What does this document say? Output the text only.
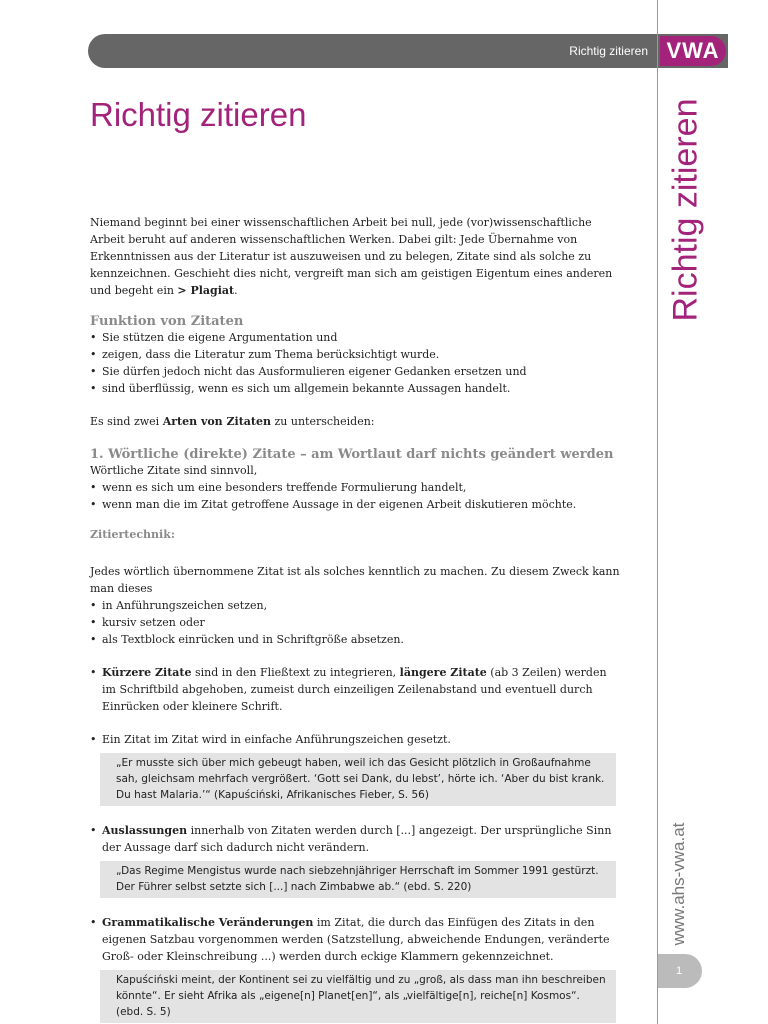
Richtig zitieren VWA
Richtig zitieren
www.ahs-vwa.at
1
Richtig zitieren

Niemand beginnt bei einer wissenschaftlichen Arbeit bei null, jede (vor)wissenschaftliche Arbeit beruht auf anderen wissenschaftlichen Werken. Dabei gilt: Jede Übernahme von Erkenntnissen aus der Literatur ist auszuweisen und zu belegen, Zitate sind als solche zu kennzeichnen. Geschieht dies nicht, vergreift man sich am geistigen Eigentum eines anderen und begeht ein > Plagiat.

Funktion von Zitaten
• Sie stützen die eigene Argumentation und
• zeigen, dass die Literatur zum Thema berücksichtigt wurde.
• Sie dürfen jedoch nicht das Ausformulieren eigener Gedanken ersetzen und
• sind überflüssig, wenn es sich um allgemein bekannte Aussagen handelt.

Es sind zwei Arten von Zitaten zu unterscheiden:

1. Wörtliche (direkte) Zitate – am Wortlaut darf nichts geändert werden

Wörtliche Zitate sind sinnvoll,

• wenn es sich um eine besonders treffende Formulierung handelt,
• wenn man die im Zitat getroffene Aussage in der eigenen Arbeit diskutieren möchte.
Zitiertechnik:

Jedes wörtlich übernommene Zitat ist als solches kenntlich zu machen. Zu diesem Zweck kann man dieses

• in Anführungszeichen setzen,
• kursiv setzen oder
• als Textblock einrücken und in Schriftgröße absetzen.
• Kürzere Zitate sind in den Fließtext zu integrieren, längere Zitate (ab 3 Zeilen) werden im Schriftbild abgehoben, zumeist durch einzeiligen Zeilenabstand und eventuell durch Einrücken oder kleinere Schrift.
• Ein Zitat im Zitat wird in einfache Anführungszeichen gesetzt.
„Er musste sich über mich gebeugt haben, weil ich das Gesicht plötzlich in Großaufnahme sah, gleichsam mehrfach vergrößert. ‘Gott sei Dank, du lebst’, hörte ich. ‘Aber du bist krank. Du hast Malaria.’“ (Kapuściński, Afrikanisches Fieber, S. 56)
• Auslassungen innerhalb von Zitaten werden durch [...] angezeigt. Der ursprüngliche Sinn der Aussage darf sich dadurch nicht verändern.
„Das Regime Mengistus wurde nach siebzehnjähriger Herrschaft im Sommer 1991 gestürzt. Der Führer selbst setzte sich [...] nach Zimbabwe ab.“ (ebd. S. 220)
• Grammatikalische Veränderungen im Zitat, die durch das Einfügen des Zitats in den eigenen Satzbau vorgenommen werden (Satzstellung, abweichende Endungen, veränderte Groß- oder Kleinschreibung ...) werden durch eckige Klammern gekennzeichnet.
Kapuściński meint, der Kontinent sei zu vielfältig und zu „groß, als dass man ihn beschreiben könnte“. Er sieht Afrika als „eigene[n] Planet[en]“, als „vielfältige[n], reiche[n] Kosmos“. (ebd. S. 5)
